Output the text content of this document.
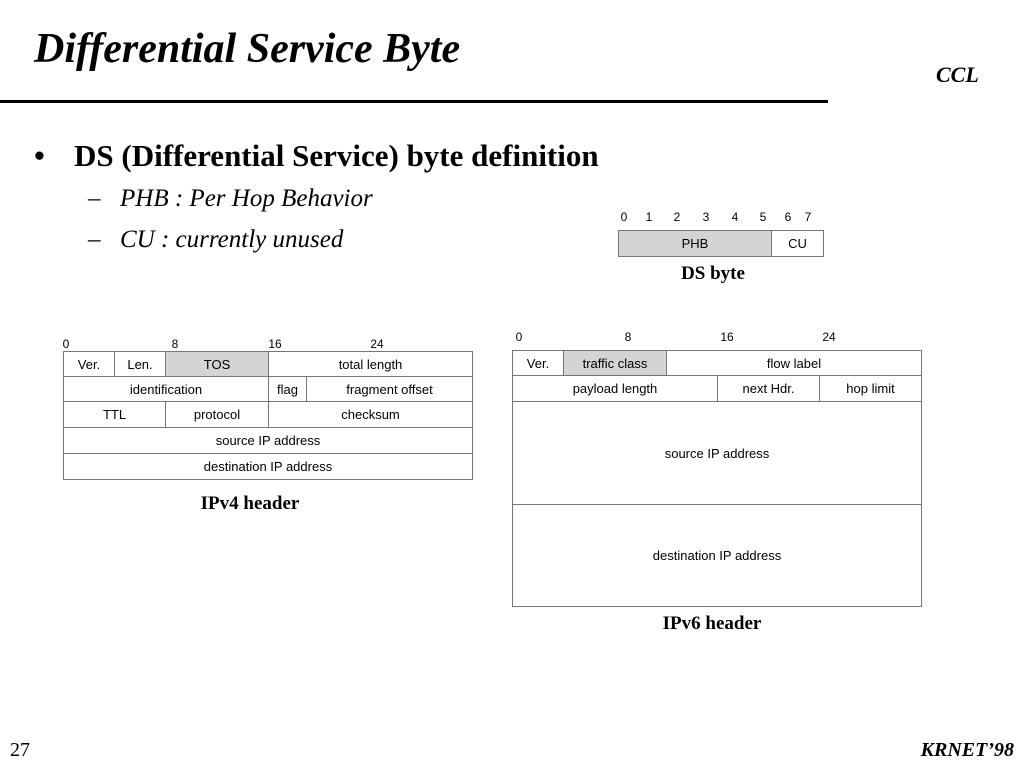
Differential Service Byte
CCL
• DS (Differential Service) byte definition
– PHB : Per Hop Behavior
– CU : currently unused
0 1 2 3 4 5 6 7
PHB	CU
DS byte
0	8	16	24
Ver.	Len.	TOS	total length
identification	flag	fragment offset
TTL	protocol	checksum
source IP address
destination IP address
IPv4 header
0	8	16	24
Ver.	traffic class	flow label
payload length	next Hdr.	hop limit
source IP address
destination IP address
IPv6 header
27	KRNET’98
